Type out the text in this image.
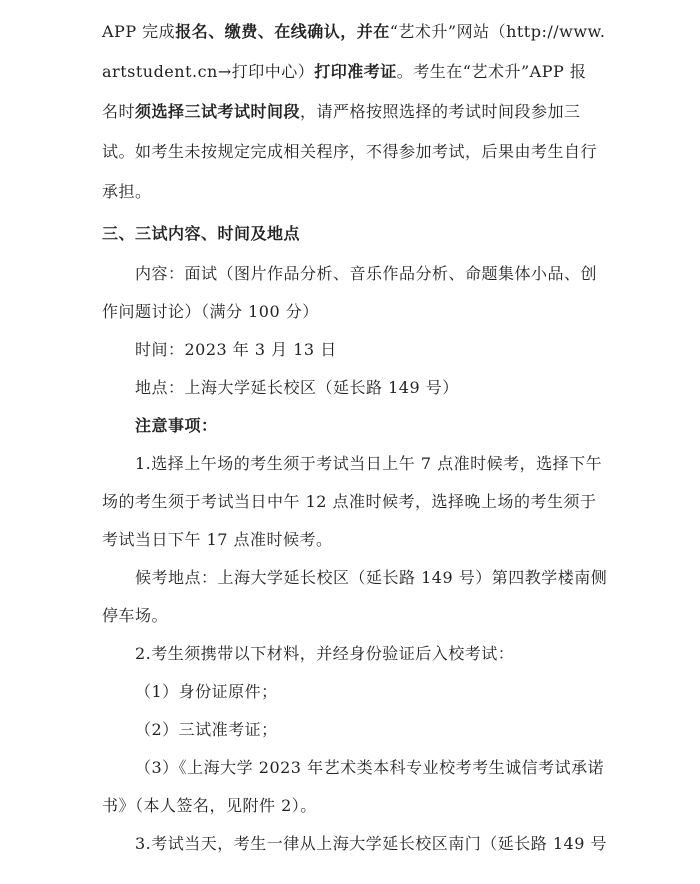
APP 完成报名、缴费、在线确认，并在“艺术升”网站（http://www.
artstudent.cn→打印中心）打印准考证。考生在“艺术升”APP 报
名时须选择三试考试时间段，请严格按照选择的考试时间段参加三
试。如考生未按规定完成相关程序，不得参加考试，后果由考生自行
承担。
三、三试内容、时间及地点
内容：面试（图片作品分析、音乐作品分析、命题集体小品、创
作问题讨论）（满分 100 分）
时间：2023 年 3 月 13 日
地点：上海大学延长校区（延长路 149 号）
注意事项：
1.选择上午场的考生须于考试当日上午 7 点准时候考，选择下午
场的考生须于考试当日中午 12 点准时候考，选择晚上场的考生须于
考试当日下午 17 点准时候考。
候考地点：上海大学延长校区（延长路 149 号）第四教学楼南侧
停车场。
2.考生须携带以下材料，并经身份验证后入校考试：
（1）身份证原件；
（2）三试准考证；
（3）《上海大学 2023 年艺术类本科专业校考考生诚信考试承诺
书》（本人签名，见附件 2）。
3.考试当天，考生一律从上海大学延长校区南门（延长路 149 号
